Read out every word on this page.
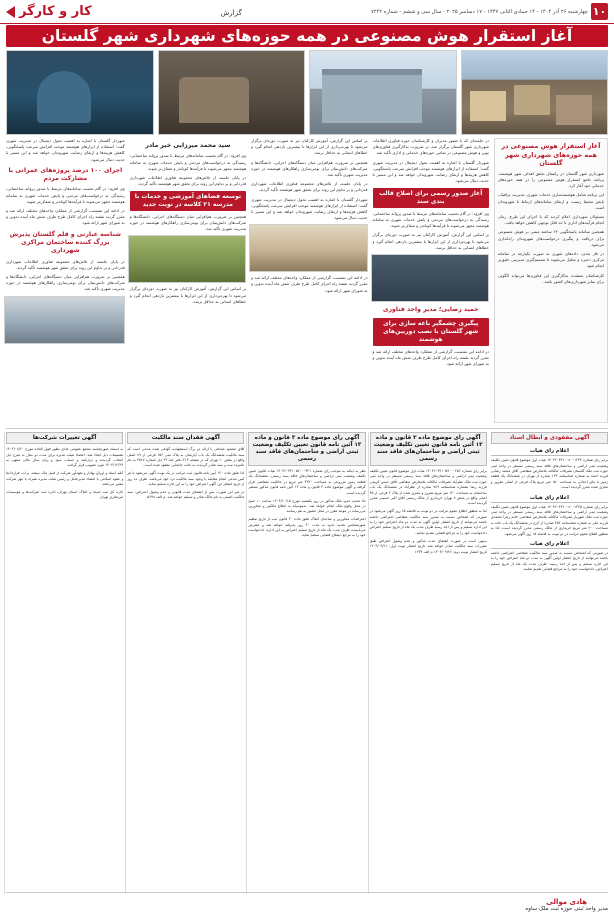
۱۰
چهارشنبه ۲۶ آذر ۱۴۰۴ - ۱۴ جمادی الثانی ۱۴۴۷ - ۱۷ دسامبر ۲۰۲۵ - سال سی و ششم - شماره ۷۲۲۲
گزارش
کار و کارگر
آغاز استقرار هوش مصنوعی در همه حوزه‌های شهرداری شهر گلستان
آغاز استقرار هوش مصنوعی در همه حوزه‌های شهرداری شهر گلستان

شهرداری شهر گلستان در راستای تحقق اهداف شهر هوشمند، برنامه جامع استقرار هوش مصنوعی را در همه حوزه‌های خدماتی خود آغاز کرد.

این برنامه شامل هوشمندسازی خدمات شهری، مدیریت ترافیک، پایش محیط زیست و ارتقای سامانه‌های ارتباط با شهروندان است.

مسئولان شهرداری اعلام کردند که با اجرای این طرح، زمان انجام فرآیندهای اداری تا حد قابل توجهی کاهش خواهد یافت.

همچنین سامانه پاسخگویی ۲۴ ساعته مبتنی بر هوش مصنوعی برای دریافت و پیگیری درخواست‌های شهروندان راه‌اندازی می‌شود.

در فاز بعدی، داده‌های شهری به صورت یکپارچه در سامانه مرکزی ذخیره و تحلیل می‌شوند تا تصمیم‌گیری مدیریتی دقیق‌تر انجام شود.

کارشناسان معتقدند به‌کارگیری این فناوری‌ها می‌تواند الگویی برای سایر شهرداری‌های کشور باشد.

در جلسه‌ای که با حضور مدیران و کارشناسان حوزه فناوری اطلاعات شهرداری شهر گلستان برگزار شد، بر ضرورت به‌کارگیری فناوری‌های نوین و هوش مصنوعی در تمامی حوزه‌های خدماتی و اداری تأکید شد.

شهردار گلستان با اشاره به اهمیت تحول دیجیتال در مدیریت شهری گفت: استفاده از ابزارهای هوشمند موجب افزایش سرعت پاسخگویی، کاهش هزینه‌ها و ارتقای رضایت شهروندان خواهد شد و این مسیر با جدیت دنبال می‌شود.

آغاز صدور رسمی برای اصلاح قالب بندی سند

وی افزود: در گام نخست سامانه‌های مرتبط با صدور پروانه ساختمانی، رسیدگی به درخواست‌های مردمی و پایش خدمات شهری به سامانه هوشمند مجهز می‌شوند تا فرآیندها کوتاه‌تر و شفاف‌تر شوند.

بر اساس این گزارش، آموزش کارکنان نیز به صورت دوره‌ای برگزار می‌شود تا بهره‌برداری از این ابزارها با بیشترین بازدهی انجام گیرد و خطاهای انسانی به حداقل برسد.

حمید رضایی؛ مدیر واحد فناوری
پیگیری چشمگیر باغه سازی برای شهر گلستان با نصب دوربین‌های هوشمند

در ادامه این نشست، گزارشی از عملکرد واحدهای مختلف ارائه شد و مقرر گردید نقشه راه اجرای کامل طرح ظرف شش ماه آینده تدوین و به شورای شهر ارائه شود.

بر اساس این گزارش، آموزش کارکنان نیز به صورت دوره‌ای برگزار می‌شود تا بهره‌برداری از این ابزارها با بیشترین بازدهی انجام گیرد و خطاهای انسانی به حداقل برسد.

همچنین بر ضرورت هم‌افزایی میان دستگاه‌های اجرایی، دانشگاه‌ها و شرکت‌های دانش‌بنیان برای بومی‌سازی راهکارهای هوشمند در حوزه مدیریت شهری تأکید شد.

در پایان جلسه، از تلاش‌های مجموعه فناوری اطلاعات شهرداری قدردانی و بر تداوم این روند برای تحقق شهر هوشمند تأکید گردید.

شهردار گلستان با اشاره به اهمیت تحول دیجیتال در مدیریت شهری گفت: استفاده از ابزارهای هوشمند موجب افزایش سرعت پاسخگویی، کاهش هزینه‌ها و ارتقای رضایت شهروندان خواهد شد و این مسیر با جدیت دنبال می‌شود.

در ادامه این نشست، گزارشی از عملکرد واحدهای مختلف ارائه شد و مقرر گردید نقشه راه اجرای کامل طرح ظرف شش ماه آینده تدوین و به شورای شهر ارائه شود.

سید محمد میرزایی خیر مادر

وی افزود: در گام نخست سامانه‌های مرتبط با صدور پروانه ساختمانی، رسیدگی به درخواست‌های مردمی و پایش خدمات شهری به سامانه هوشمند مجهز می‌شوند تا فرآیندها کوتاه‌تر و شفاف‌تر شوند.

در پایان جلسه، از تلاش‌های مجموعه فناوری اطلاعات شهرداری قدردانی و بر تداوم این روند برای تحقق شهر هوشمند تأکید گردید.

توسعه فضاهای آموزشی و خدمات با مدرسه ۲۱ کلاسه در نوبت جدید

همچنین بر ضرورت هم‌افزایی میان دستگاه‌های اجرایی، دانشگاه‌ها و شرکت‌های دانش‌بنیان برای بومی‌سازی راهکارهای هوشمند در حوزه مدیریت شهری تأکید شد.

بر اساس این گزارش، آموزش کارکنان نیز به صورت دوره‌ای برگزار می‌شود تا بهره‌برداری از این ابزارها با بیشترین بازدهی انجام گیرد و خطاهای انسانی به حداقل برسد.

شهردار گلستان با اشاره به اهمیت تحول دیجیتال در مدیریت شهری گفت: استفاده از ابزارهای هوشمند موجب افزایش سرعت پاسخگویی، کاهش هزینه‌ها و ارتقای رضایت شهروندان خواهد شد و این مسیر با جدیت دنبال می‌شود.

اجرای ۱۰۰ درصد پروژه‌های عمرانی با مشارکت مردم

وی افزود: در گام نخست سامانه‌های مرتبط با صدور پروانه ساختمانی، رسیدگی به درخواست‌های مردمی و پایش خدمات شهری به سامانه هوشمند مجهز می‌شوند تا فرآیندها کوتاه‌تر و شفاف‌تر شوند.

در ادامه این نشست، گزارشی از عملکرد واحدهای مختلف ارائه شد و مقرر گردید نقشه راه اجرای کامل طرح ظرف شش ماه آینده تدوین و به شورای شهر ارائه شود.

شناسه عبارتی و قلم گلستان پذیرش بزرگ کننده ساختمان مراکزی شهرداری

در پایان جلسه، از تلاش‌های مجموعه فناوری اطلاعات شهرداری قدردانی و بر تداوم این روند برای تحقق شهر هوشمند تأکید گردید.

همچنین بر ضرورت هم‌افزایی میان دستگاه‌های اجرایی، دانشگاه‌ها و شرکت‌های دانش‌بنیان برای بومی‌سازی راهکارهای هوشمند در حوزه مدیریت شهری تأکید شد.

آگهی مفقودی و ابطال اسناد
اعلام رای هیات

برابر رای شماره ۱۴۰۳۶۰۳۳۱۰۰۸۰۰۱۲۳۴ هیات اول موضوع قانون تعیین تکلیف وضعیت ثبتی اراضی و ساختمان‌های فاقد سند رسمی مستقر در واحد ثبتی حوزه ثبت ملک گلستان تصرفات مالکانه بلامعارض متقاضی آقای محمد رضایی فرزند احمد به شماره شناسنامه ۱۲۳ صادره از تهران در ششدانگ یک قطعه زمین با بنای احداثی به مساحت ۱۵۰ متر مربع پلاک فرعی از اصلی مفروز و مجزی شده محرز گردیده است.

اعلام رای هیات

برابر رای شماره ۱۴۰۳۶۰۳۳۱۰۰۸۰۰۱۲۳۵ هیات اول موضوع قانون تعیین تکلیف وضعیت ثبتی اراضی و ساختمان‌های فاقد سند رسمی مستقر در واحد ثبتی حوزه ثبت ملک شهریار تصرفات مالکانه بلامعارض متقاضی خانم زهرا محمدی فرزند علی به شماره شناسنامه ۴۵۶ صادره از کرج در ششدانگ یک باب خانه به مساحت ۲۰۰ متر مربع خریداری از مالک رسمی محرز گردیده است. لذا به منظور اطلاع عموم مراتب در دو نوبت به فاصله ۱۵ روز آگهی می‌شود.

اعلام رای هیات

در صورتی که اشخاص نسبت به صدور سند مالکیت متقاضی اعتراضی داشته باشند می‌توانند از تاریخ انتشار اولین آگهی به مدت دو ماه اعتراض خود را به این اداره تسلیم و پس از اخذ رسید، ظرف مدت یک ماه از تاریخ تسلیم اعتراض، دادخواست خود را به مراجع قضایی تقدیم نمایند.

آگهی رای موضوع ماده ۳ قانون و ماده ۱۳ آئین نامه قانون تعیین تکلیف وضعیت ثبتی اراضی و ساختمان‌های فاقد سند رسمی

برابر رای شماره ۱۴۰۴۶۰۳۳۱۰۵۷۰۰۰۲۵۶ هیات اول موضوع قانون تعیین تکلیف وضعیت ثبتی اراضی و ساختمان‌های فاقد سند رسمی مستقر در واحد ثبتی حوزه ثبت ملک نظرآباد تصرفات مالکانه بلامعارض متقاضی آقای حسن کریمی فرزند رضا بشماره شناسنامه ۷۸۹ صادره از نظرآباد در ششدانگ یک باب ساختمان به مساحت ۱۲۰ متر مربع مفروز و مجزی شده از پلاک ۲ فرعی از ۴۵ اصلی واقع در بخش ۸ تهران خریداری از مالک رسمی آقای اکبر حسینی محرز گردیده است.

لذا به منظور اطلاع عموم مراتب در دو نوبت به فاصله ۱۵ روز آگهی می‌شود در صورتی که اشخاص نسبت به صدور سند مالکیت متقاضی اعتراضی داشته باشند می‌توانند از تاریخ انتشار اولین آگهی به مدت دو ماه اعتراض خود را به این اداره تسلیم و پس از اخذ رسید ظرف مدت یک ماه از تاریخ تسلیم اعتراض دادخواست خود را به مراجع قضایی تقدیم نمایند.

بدیهی است در صورت انقضای مدت مذکور و عدم وصول اعتراض طبق مقررات سند مالکیت صادر خواهد شد. تاریخ انتشار نوبت اول: ۱۴۰۴/۰۹/۱۱ تاریخ انتشار نوبت دوم: ۱۴۰۴/۰۹/۲۶ م الف ۱۲۳۴

آگهی رای موضوع ماده ۳ قانون و ماده ۱۳ آئین نامه قانون تعیین تکلیف وضعیت ثبتی اراضی و ساختمان‌های فاقد سند رسمی

نظر به اینکه به موجب رای شماره ۱۴۰۴۶۰۳۳۱۰۵۷۰۰۰۳۲۱ هیات قانون تعیین تکلیف وضعیت ثبتی اراضی و ساختمان‌های فاقد سند رسمی، ششدانگ یک قطعه زمین مزروعی به مساحت ۴۳۲۰ متر مربع در مالکیت متقاضی قرار گرفته و آگهی موضوع ماده ۳ قانون و ماده ۱۳ آئین نامه قانون مذکور منتشر گردیده است.

لذا تحدید حدود ملک مذکور در روز یکشنبه مورخ ۱۴۰۴/۱۰/۱۵ ساعت ۱۰ صبح در محل وقوع ملک انجام خواهد شد. بدینوسیله به اطلاع مالکین و مجاورین می‌رساند در موعد مقرر در محل حضور به هم رسانند.

اعتراضات مجاورین و صاحبان املاک طبق ماده ۲۰ قانون ثبت از تاریخ تنظیم صورتمجلس تحدید حدود به مدت ۳۰ روز پذیرفته خواهد شد و معترض می‌بایست ظرف مدت یک ماه از تاریخ تسلیم اعتراض به این اداره، دادخواست خود را به مرجع ذیصلاح قضایی تسلیم نماید.

آگهی فقدان سند مالکیت

آقای محمود صادقی با ارائه دو برگ استشهادیه گواهی شده مدعی است که سند مالکیت ششدانگ یک باب آپارتمان به پلاک ثبتی ۱۵۶ فرعی از ۸۹ اصلی واقع در بخش ۱۰ تهران که در صفحه ۲۱۴ دفتر جلد ۳۲ ذیل شماره ۴۵۶۷ به نام نامبرده ثبت و سند صادر گردیده، به علت جابجایی مفقود شده است.

لذا طبق ماده ۱۲۰ آیین نامه قانون ثبت مراتب در یک نوبت آگهی می‌شود تا هر کس مدعی انجام معامله یا وجود سند مالکیت نزد خود می‌باشد، ظرف ده روز از تاریخ انتشار این آگهی اعتراض خود را به این اداره تسلیم نماید.

در غیر این صورت پس از انقضای مدت قانونی و عدم وصول اعتراض، سند مالکیت المثنی به نام مالک صادر و تسلیم خواهد شد. م الف ۵۶۷۸

آگهی تغییرات شرکت‌ها

به استناد صورتجلسه مجمع عمومی عادی بطور فوق العاده مورخ ۱۴۰۴/۰۸/۲۰ تصمیمات ذیل اتخاذ شد: اعضاء هیئت مدیره برای مدت دو سال به شرح ذیل انتخاب گردیدند و ترازنامه و حساب سود و زیان سال مالی منتهی به ۱۴۰۳/۱۲/۲۹ مورد تصویب قرار گرفت.

کلیه اسناد و اوراق بهادار و تعهدآور شرکت از قبیل چک، سفته، برات، قراردادها و عقود اسلامی با امضاء مدیرعامل و رئیس هیئت مدیره همراه با مهر شرکت معتبر می‌باشد.

اداره کل ثبت اسناد و املاک استان تهران، اداره ثبت شرکت‌ها و موسسات غیرتجاری تهران

هادی موالی
مدیر واحد ثبتی حوزه ثبت ملک ساوه
